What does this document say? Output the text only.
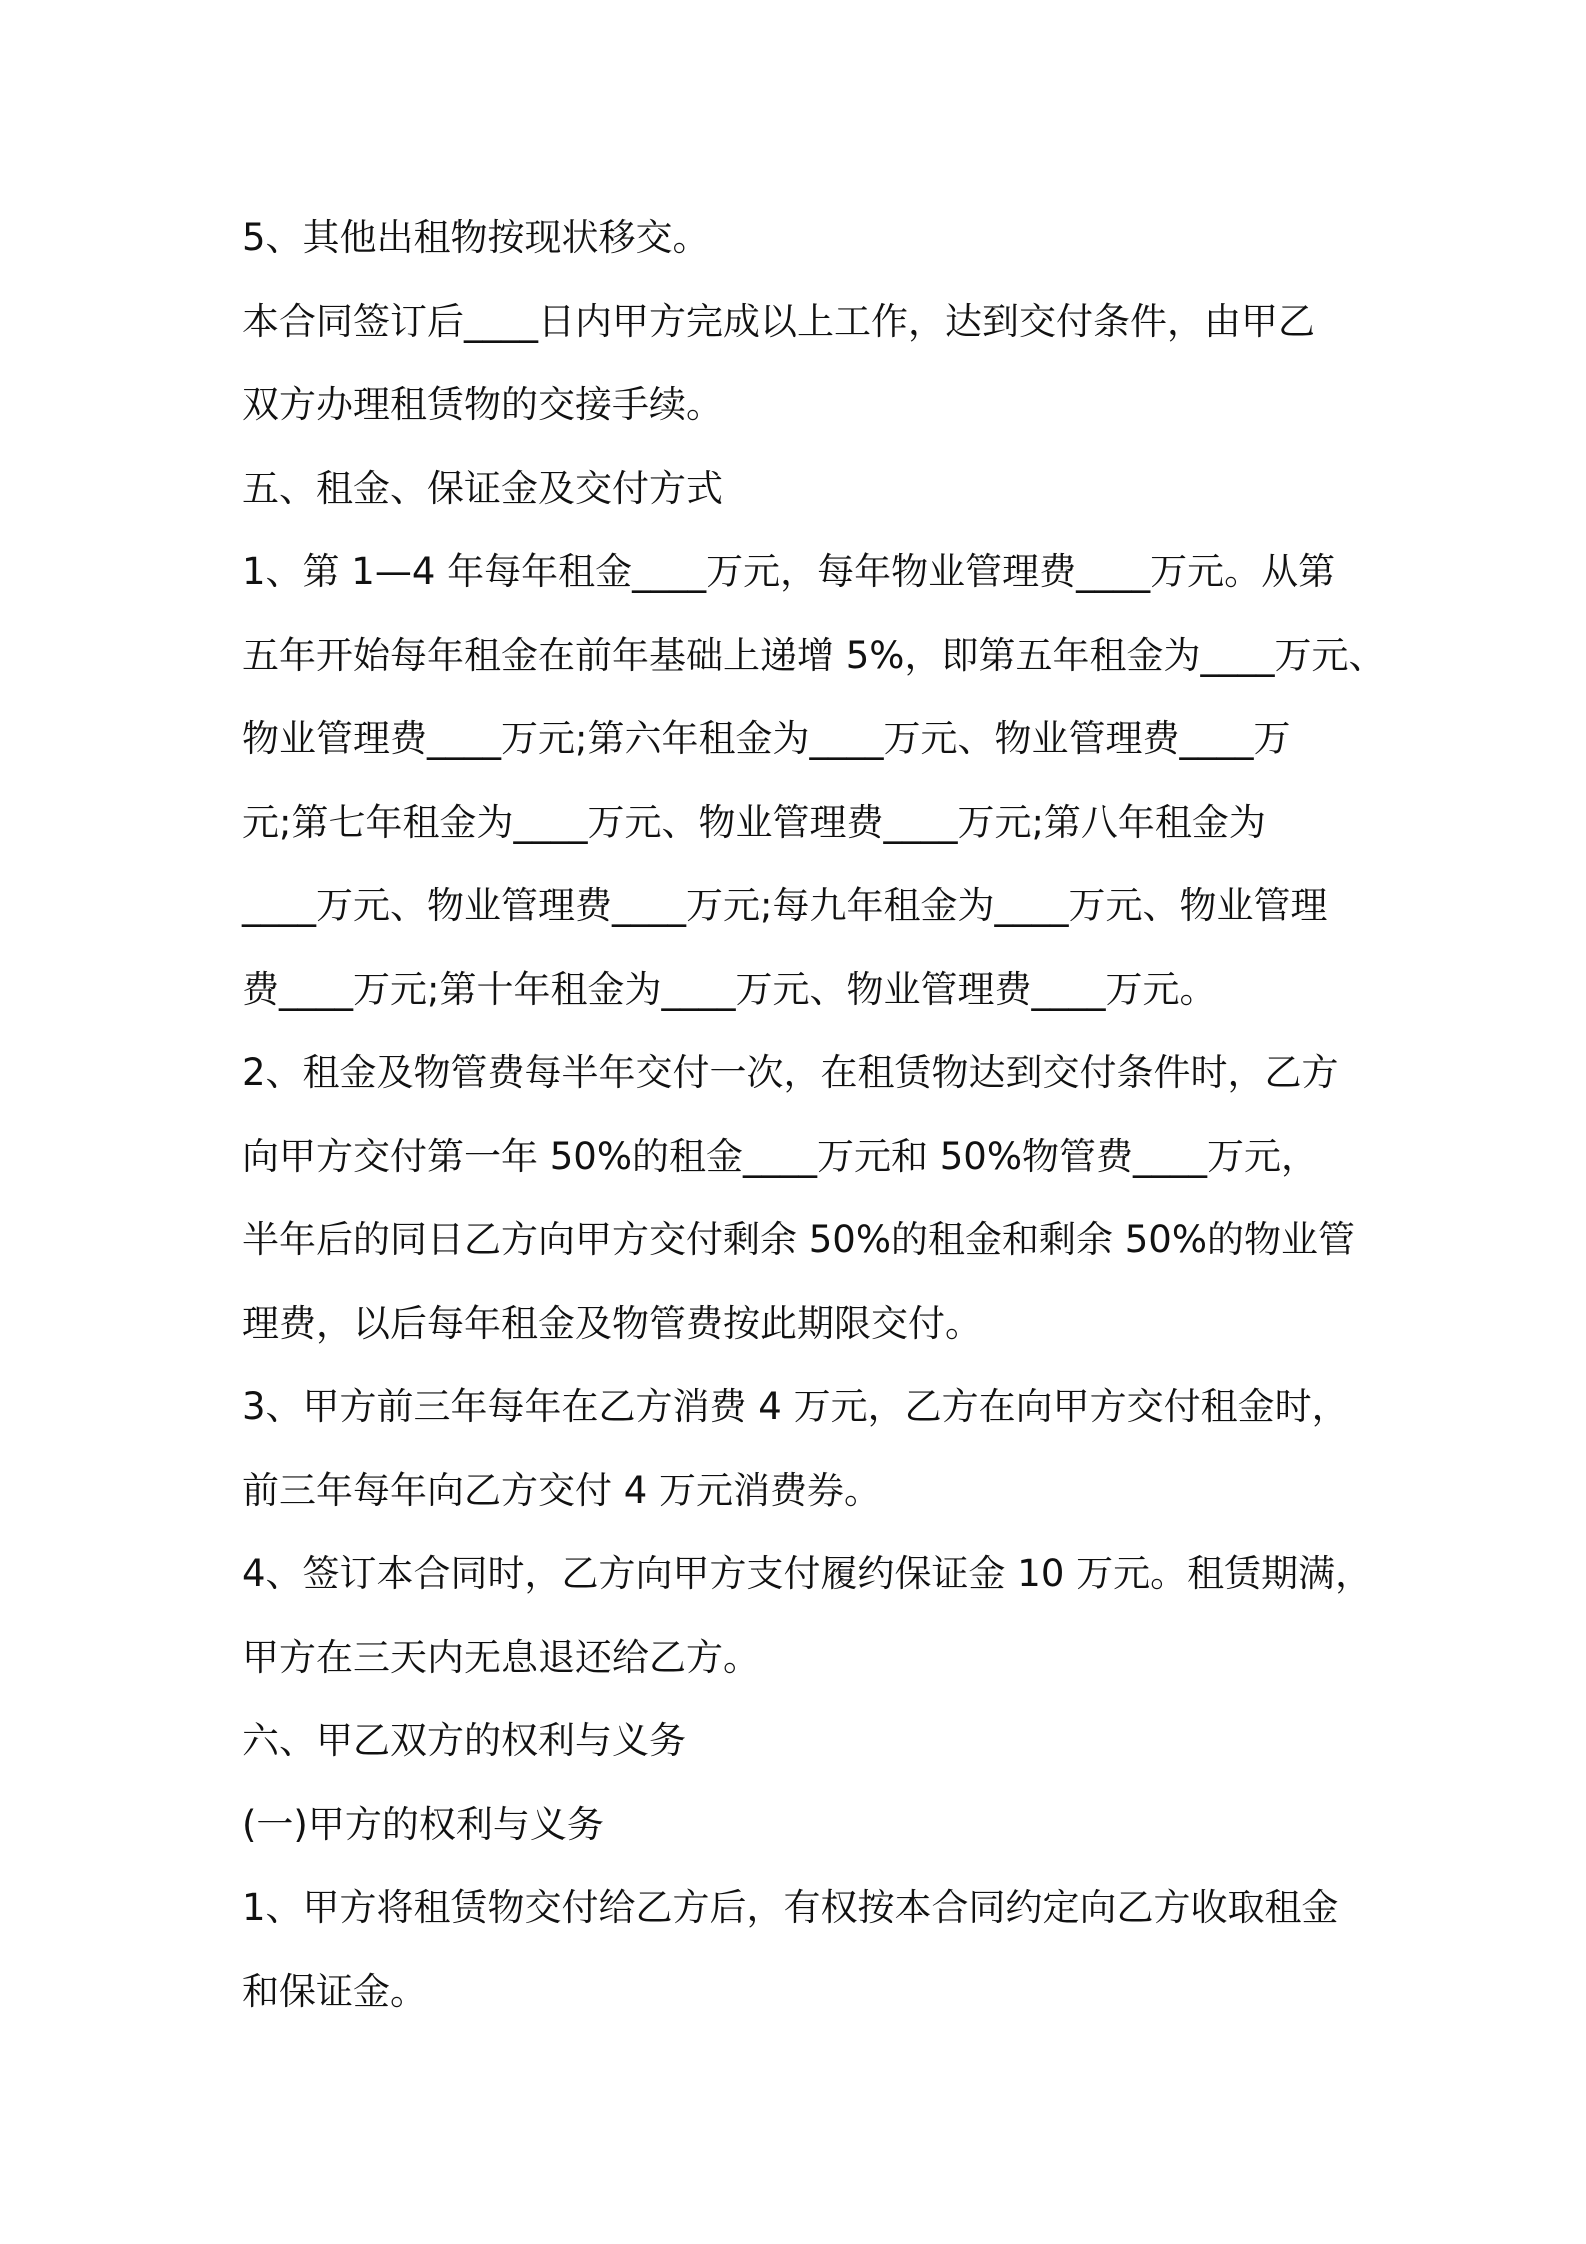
5、其他出租物按现状移交。
本合同签订后____日内甲方完成以上工作，达到交付条件，由甲乙
双方办理租赁物的交接手续。
五、租金、保证金及交付方式
1、第 1—4 年每年租金____万元，每年物业管理费____万元。从第
五年开始每年租金在前年基础上递增 5%，即第五年租金为____万元、
物业管理费____万元;第六年租金为____万元、物业管理费____万
元;第七年租金为____万元、物业管理费____万元;第八年租金为
____万元、物业管理费____万元;每九年租金为____万元、物业管理
费____万元;第十年租金为____万元、物业管理费____万元。
2、租金及物管费每半年交付一次，在租赁物达到交付条件时，乙方
向甲方交付第一年 50%的租金____万元和 50%物管费____万元，
半年后的同日乙方向甲方交付剩余 50%的租金和剩余 50%的物业管
理费，以后每年租金及物管费按此期限交付。
3、甲方前三年每年在乙方消费 4 万元，乙方在向甲方交付租金时，
前三年每年向乙方交付 4 万元消费券。
4、签订本合同时，乙方向甲方支付履约保证金 10 万元。租赁期满，
甲方在三天内无息退还给乙方。
六、甲乙双方的权利与义务
(一)甲方的权利与义务
1、甲方将租赁物交付给乙方后，有权按本合同约定向乙方收取租金
和保证金。
